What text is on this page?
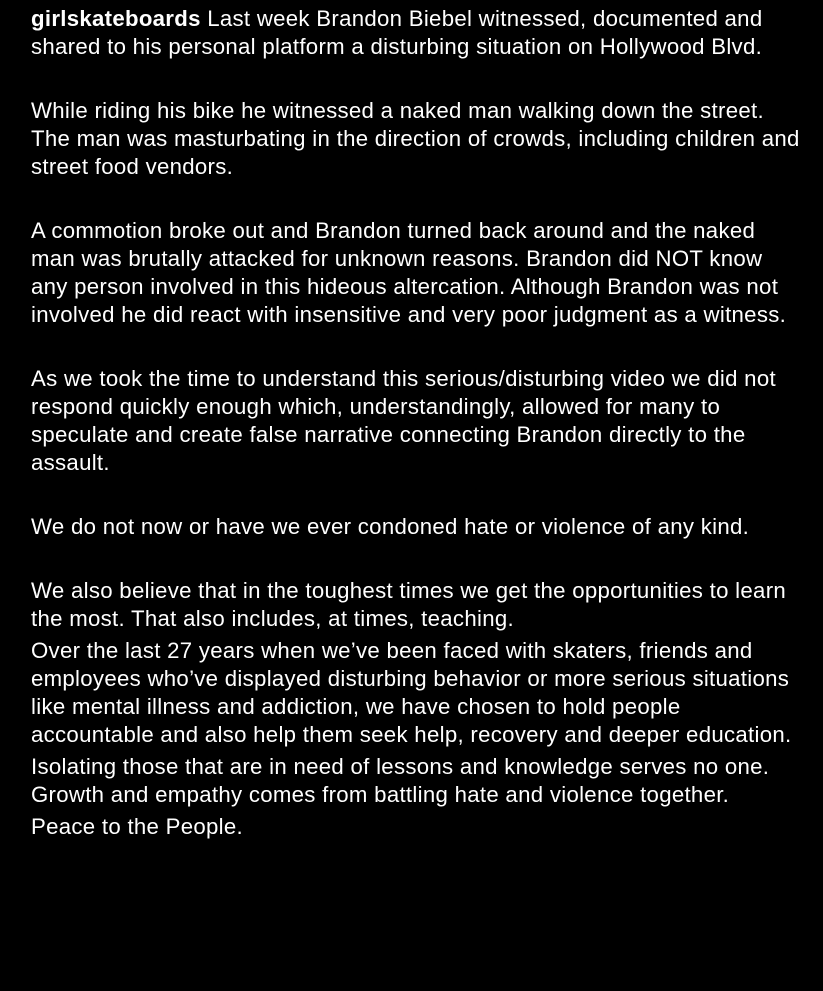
girlskateboards Last week Brandon Biebel witnessed, documented and shared to his personal platform a disturbing situation on Hollywood Blvd.

While riding his bike he witnessed a naked man walking down the street. The man was masturbating in the direction of crowds, including children and street food vendors.

A commotion broke out and Brandon turned back around and the naked man was brutally attacked for unknown reasons. Brandon did NOT know any person involved in this hideous altercation. Although Brandon was not involved he did react with insensitive and very poor judgment as a witness.

As we took the time to understand this serious/disturbing video we did not respond quickly enough which, understandingly, allowed for many to speculate and create false narrative connecting Brandon directly to the assault.

We do not now or have we ever condoned hate or violence of any kind.

We also believe that in the toughest times we get the opportunities to learn the most. That also includes, at times, teaching.

Over the last 27 years when we’ve been faced with skaters, friends and employees who’ve displayed disturbing behavior or more serious situations like mental illness and addiction, we have chosen to hold people accountable and also help them seek help, recovery and deeper education.

Isolating those that are in need of lessons and knowledge serves no one. Growth and empathy comes from battling hate and violence together.

Peace to the People.
